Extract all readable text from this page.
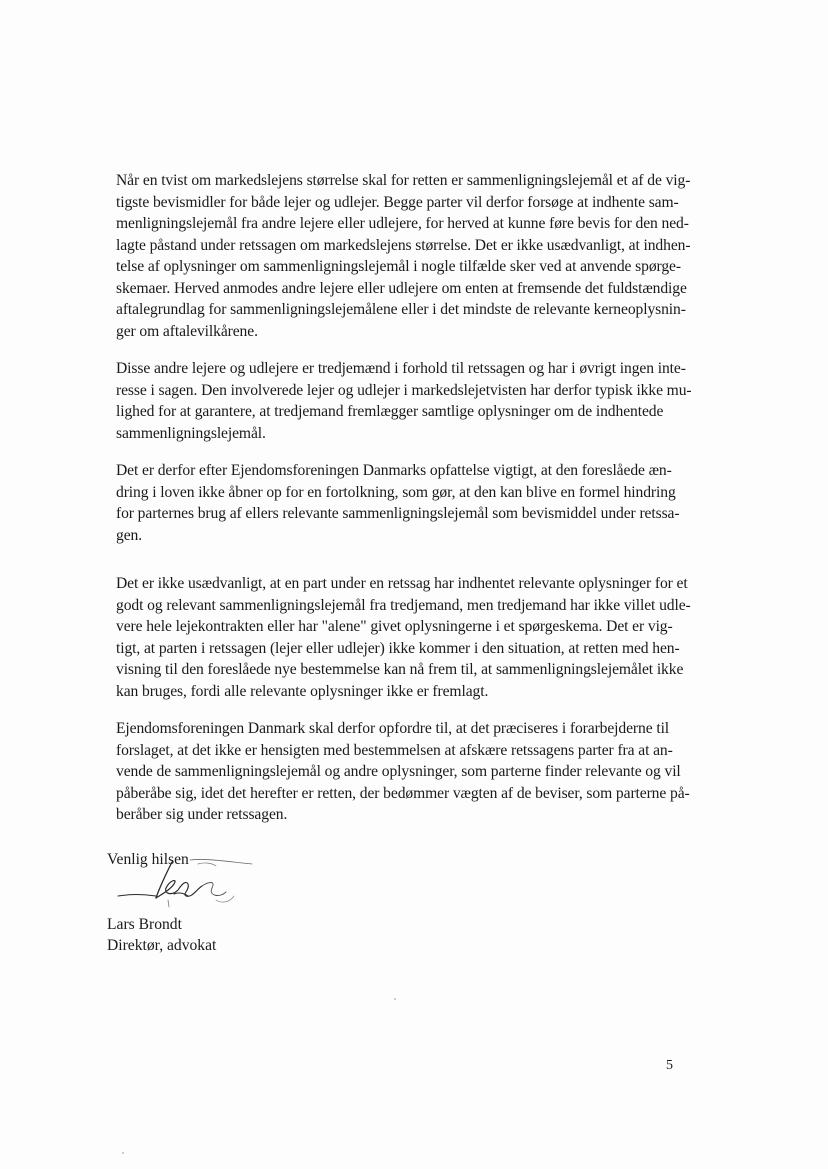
Når en tvist om markedslejens størrelse skal for retten er sammenligningslejemål et af de vig-
tigste bevismidler for både lejer og udlejer. Begge parter vil derfor forsøge at indhente sam-
menligningslejemål fra andre lejere eller udlejere, for herved at kunne føre bevis for den ned-
lagte påstand under retssagen om markedslejens størrelse. Det er ikke usædvanligt, at indhen-
telse af oplysninger om sammenligningslejemål i nogle tilfælde sker ved at anvende spørge-
skemaer. Herved anmodes andre lejere eller udlejere om enten at fremsende det fuldstændige
aftalegrundlag for sammenligningslejemålene eller i det mindste de relevante kerneoplysnin-
ger om aftalevilkårene.

Disse andre lejere og udlejere er tredjemænd i forhold til retssagen og har i øvrigt ingen inte-
resse i sagen. Den involverede lejer og udlejer i markedslejetvisten har derfor typisk ikke mu-
lighed for at garantere, at tredjemand fremlægger samtlige oplysninger om de indhentede
sammenligningslejemål.

Det er derfor efter Ejendomsforeningen Danmarks opfattelse vigtigt, at den foreslåede æn-
dring i loven ikke åbner op for en fortolkning, som gør, at den kan blive en formel hindring
for parternes brug af ellers relevante sammenligningslejemål som bevismiddel under retssa-
gen.

Det er ikke usædvanligt, at en part under en retssag har indhentet relevante oplysninger for et
godt og relevant sammenligningslejemål fra tredjemand, men tredjemand har ikke villet udle-
vere hele lejekontrakten eller har "alene" givet oplysningerne i et spørgeskema. Det er vig-
tigt, at parten i retssagen (lejer eller udlejer) ikke kommer i den situation, at retten med hen-
visning til den foreslåede nye bestemmelse kan nå frem til, at sammenligningslejemålet ikke
kan bruges, fordi alle relevante oplysninger ikke er fremlagt.

Ejendomsforeningen Danmark skal derfor opfordre til, at det præciseres i forarbejderne til
forslaget, at det ikke er hensigten med bestemmelsen at afskære retssagens parter fra at an-
vende de sammenligningslejemål og andre oplysninger, som parterne finder relevante og vil
påberåbe sig, idet det herefter er retten, der bedømmer vægten af de beviser, som parterne på-
beråber sig under retssagen.

Venlig hilsen

Lars Brondt

Direktør, advokat

5
